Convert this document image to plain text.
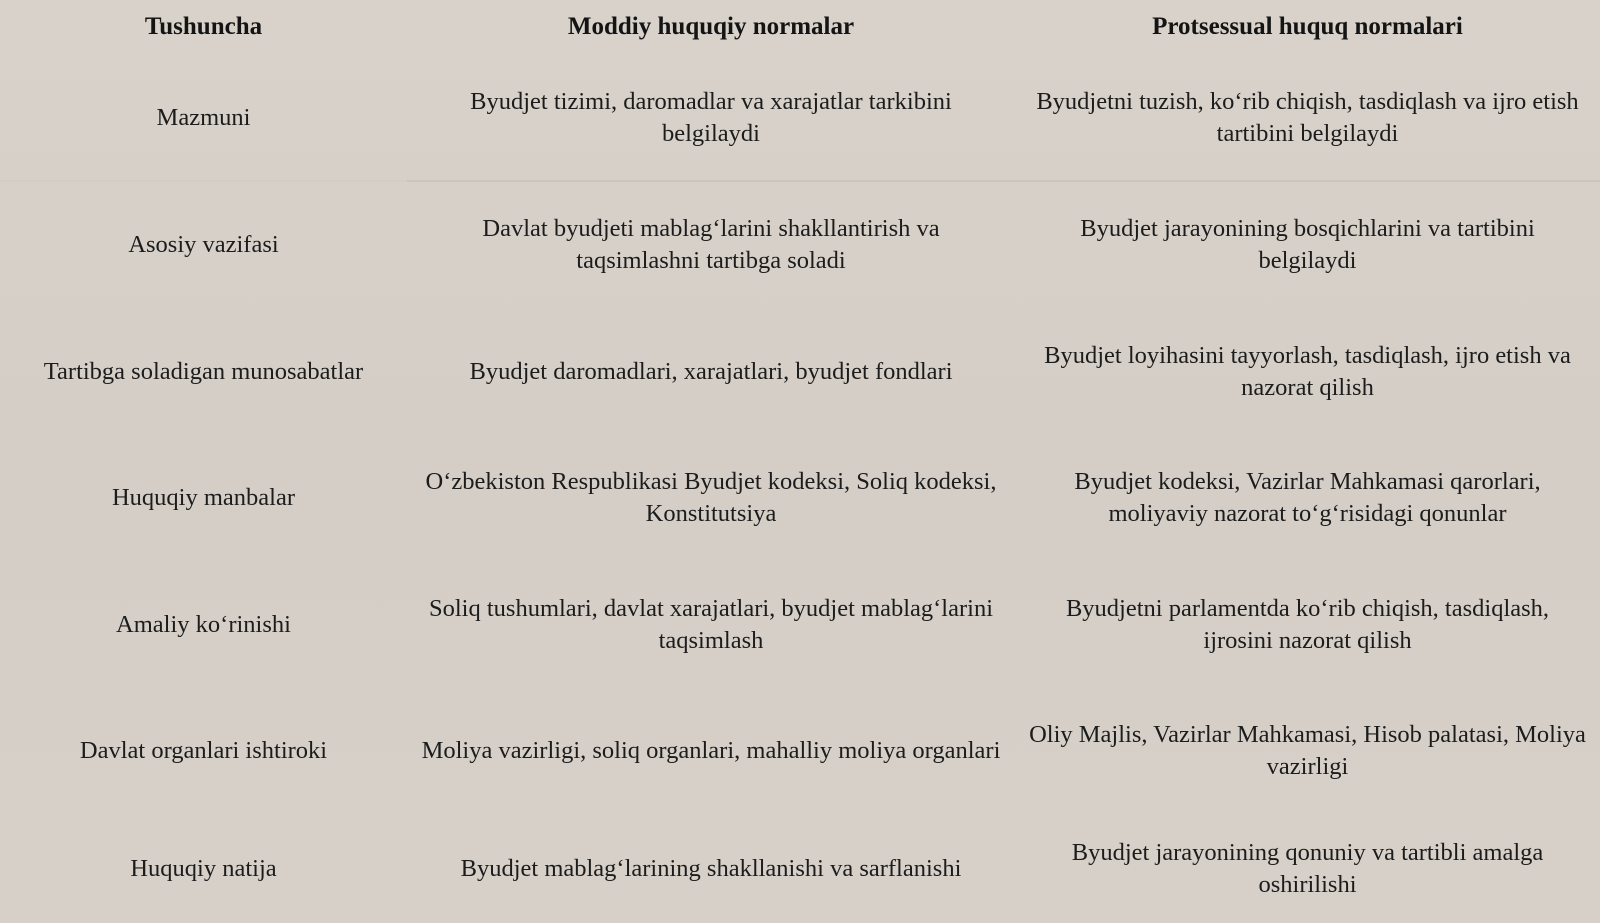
Tushuncha	Moddiy huquqiy normalar	Protsessual huquq normalari
Mazmuni	Byudjet tizimi, daromadlar va xarajatlar tarkibini belgilaydi	Byudjetni tuzish, koʻrib chiqish, tasdiqlash va ijro etish tartibini belgilaydi
Asosiy vazifasi	Davlat byudjeti mablagʻlarini shakllantirish va taqsimlashni tartibga soladi	Byudjet jarayonining bosqichlarini va tartibini belgilaydi
Tartibga soladigan munosabatlar	Byudjet daromadlari, xarajatlari, byudjet fondlari	Byudjet loyihasini tayyorlash, tasdiqlash, ijro etish va nazorat qilish
Huquqiy manbalar	Oʻzbekiston Respublikasi Byudjet kodeksi, Soliq kodeksi, Konstitutsiya	Byudjet kodeksi, Vazirlar Mahkamasi qarorlari, moliyaviy nazorat toʻgʻrisidagi qonunlar
Amaliy koʻrinishi	Soliq tushumlari, davlat xarajatlari, byudjet mablagʻlarini taqsimlash	Byudjetni parlamentda koʻrib chiqish, tasdiqlash, ijrosini nazorat qilish
Davlat organlari ishtiroki	Moliya vazirligi, soliq organlari, mahalliy moliya organlari	Oliy Majlis, Vazirlar Mahkamasi, Hisob palatasi, Moliya vazirligi
Huquqiy natija	Byudjet mablagʻlarining shakllanishi va sarflanishi	Byudjet jarayonining qonuniy va tartibli amalga oshirilishi
